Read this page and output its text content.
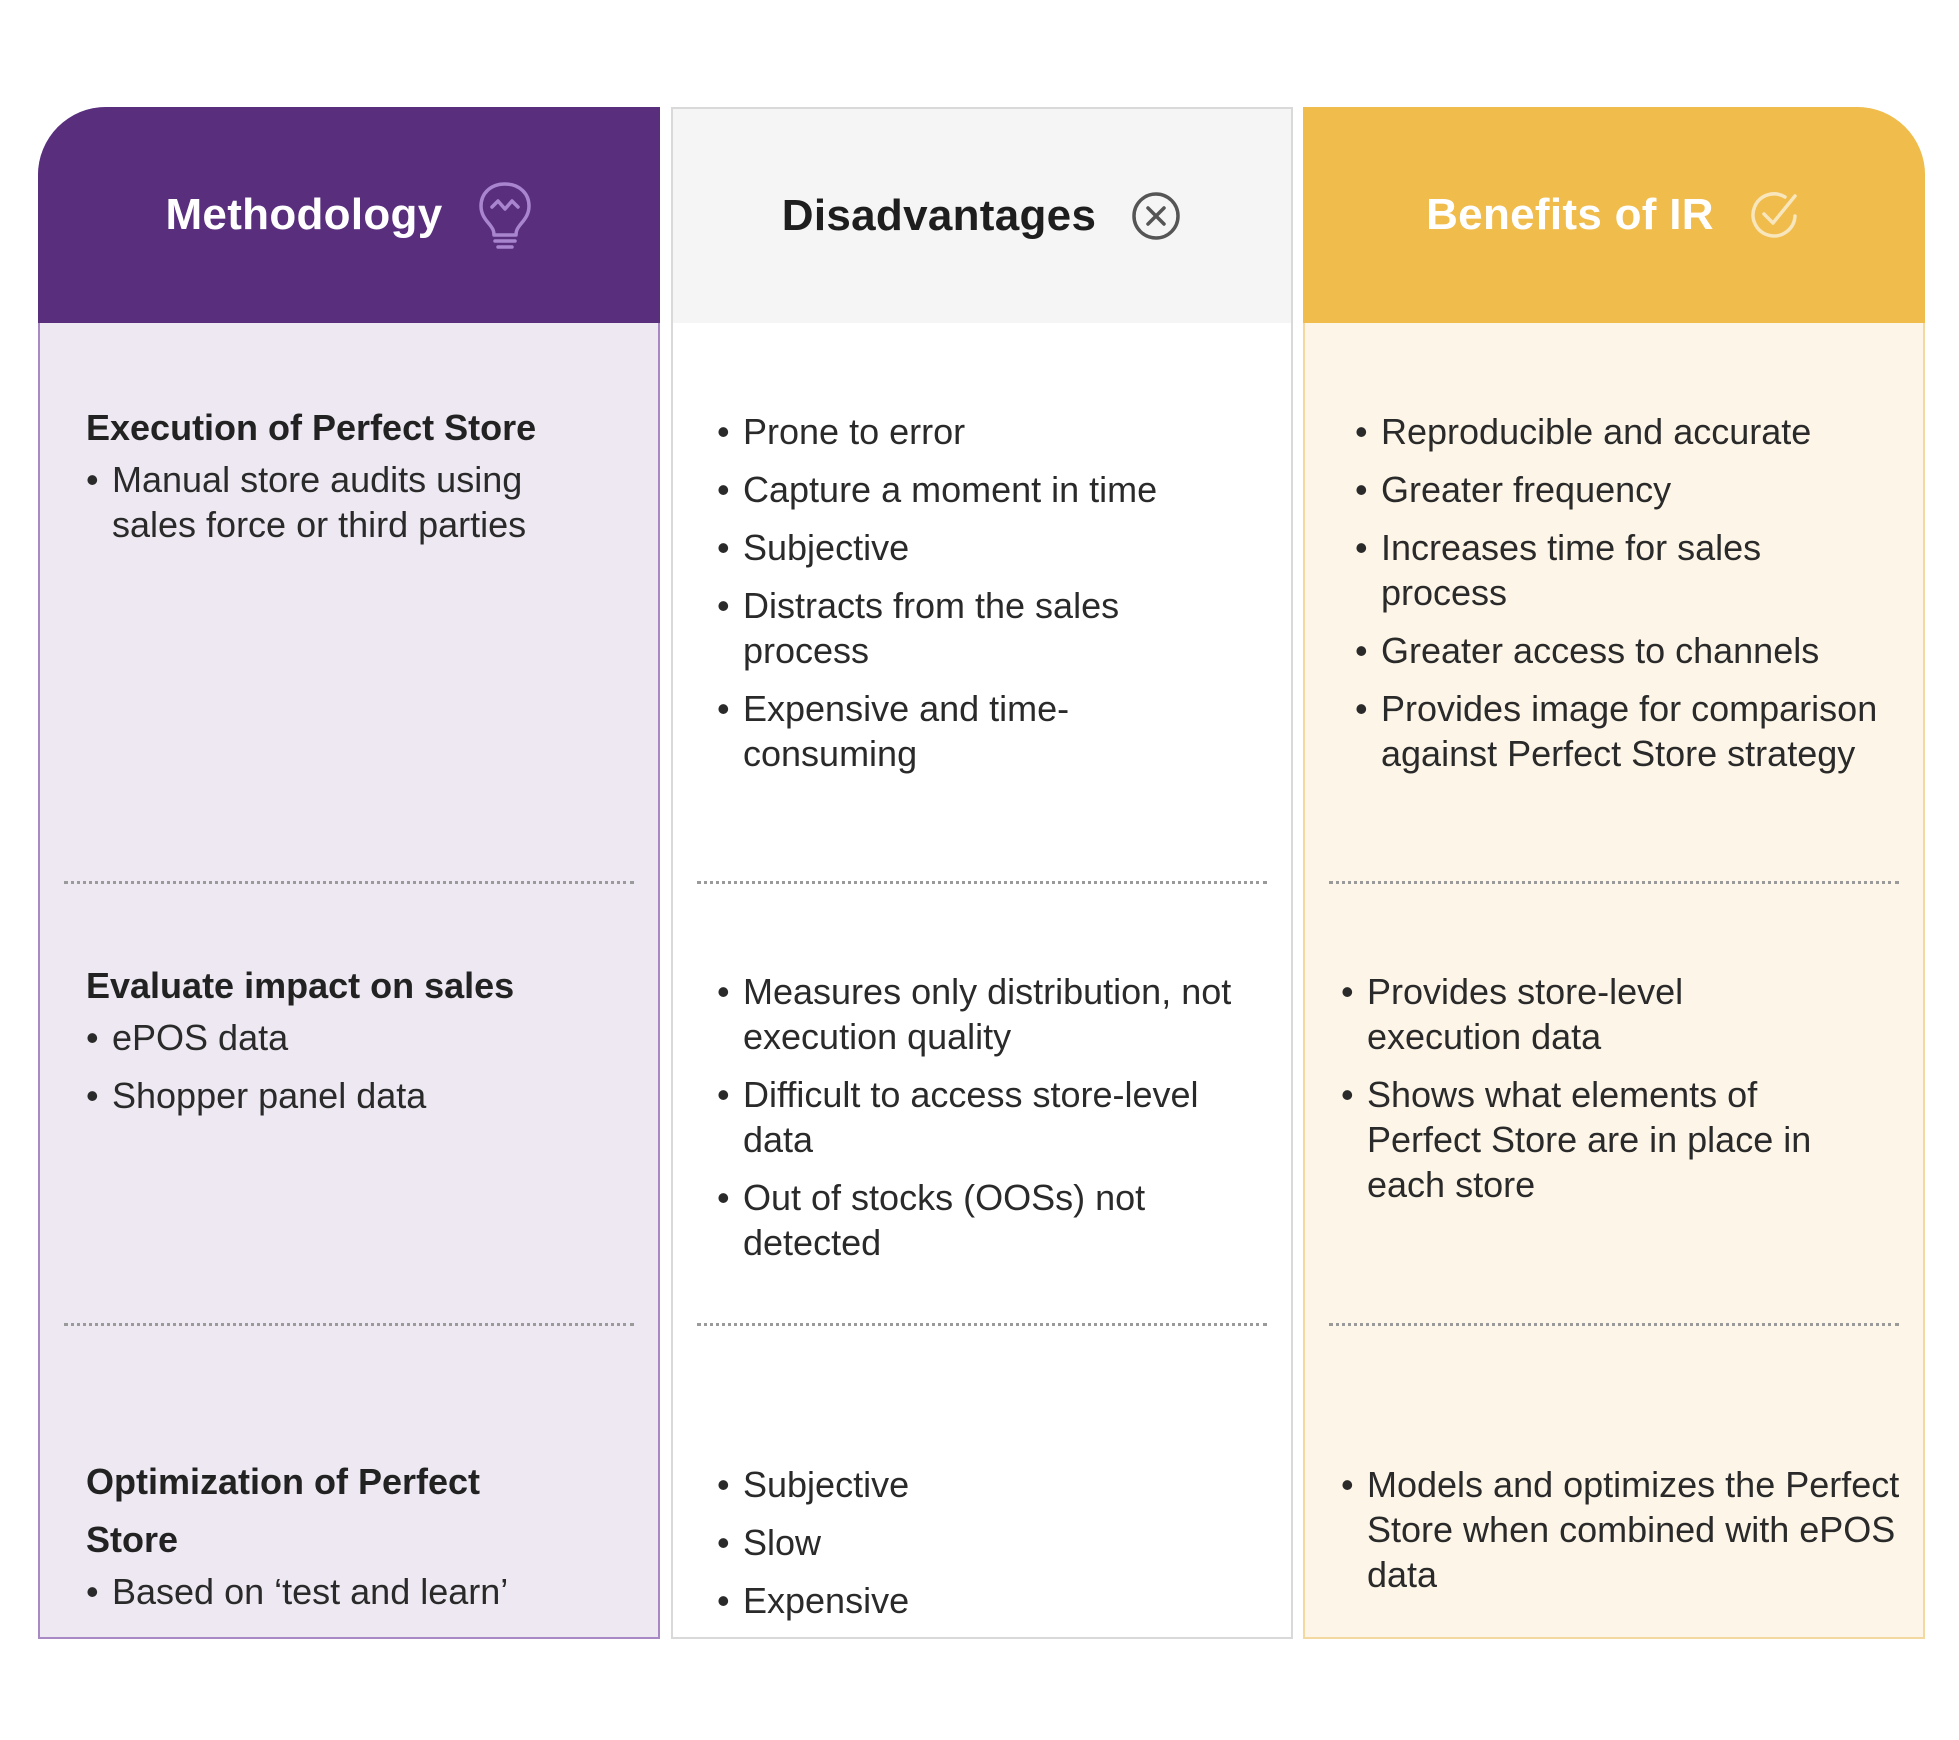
Methodology
Execution of Perfect Store
• Manual store audits using sales force or third parties
Evaluate impact on sales
• ePOS data
• Shopper panel data
Optimization of Perfect Store
• Based on ‘test and learn’
Disadvantages
• Prone to error
• Capture a moment in time
• Subjective
• Distracts from the sales process
• Expensive and time-consuming
• Measures only distribution, not execution quality
• Difficult to access store-level data
• Out of stocks (OOSs) not detected
• Subjective
• Slow
• Expensive
Benefits of IR
• Reproducible and accurate
• Greater frequency
• Increases time for sales process
• Greater access to channels
• Provides image for comparison against Perfect Store strategy
• Provides store-level execution data
• Shows what elements of Perfect Store are in place in each store
• Models and optimizes the Perfect Store when combined with ePOS data
